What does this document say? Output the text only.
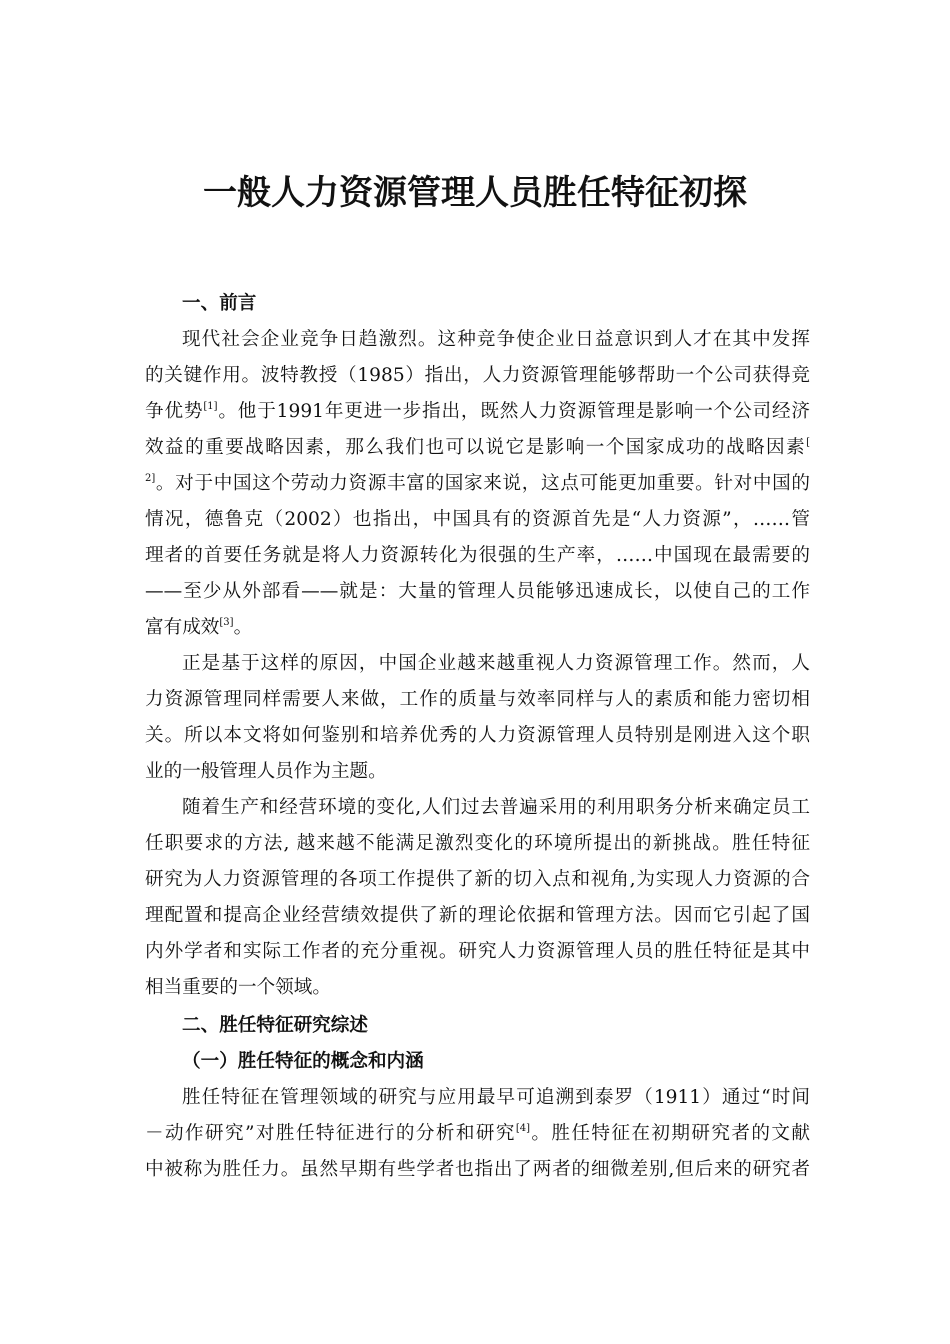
一般人力资源管理人员胜任特征初探

一、前言

现代社会企业竞争日趋激烈。这种竞争使企业日益意识到人才在其中发挥

的关键作用。波特教授（1985）指出，人力资源管理能够帮助一个公司获得竞

争优势[1]。他于1991年更进一步指出，既然人力资源管理是影响一个公司经济

效益的重要战略因素，那么我们也可以说它是影响一个国家成功的战略因素[

$^{2]}$。对于中国这个劳动力资源丰富的国家来说，这点可能更加重要。针对中国的

情况，德鲁克（2002）也指出，中国具有的资源首先是“人力资源”，……管

理者的首要任务就是将人力资源转化为很强的生产率，……中国现在最需要的

——至少从外部看——就是：大量的管理人员能够迅速成长，以使自己的工作

富有成效[3]。

正是基于这样的原因，中国企业越来越重视人力资源管理工作。然而，人

力资源管理同样需要人来做，工作的质量与效率同样与人的素质和能力密切相

关。所以本文将如何鉴别和培养优秀的人力资源管理人员特别是刚进入这个职

业的一般管理人员作为主题。

随着生产和经营环境的变化,人们过去普遍采用的利用职务分析来确定员工

任职要求的方法, 越来越不能满足激烈变化的环境所提出的新挑战。胜任特征

研究为人力资源管理的各项工作提供了新的切入点和视角,为实现人力资源的合

理配置和提高企业经营绩效提供了新的理论依据和管理方法。因而它引起了国

内外学者和实际工作者的充分重视。研究人力资源管理人员的胜任特征是其中

相当重要的一个领域。

二、胜任特征研究综述

（一）胜任特征的概念和内涵

胜任特征在管理领域的研究与应用最早可追溯到泰罗（1911）通过“时间

－动作研究”对胜任特征进行的分析和研究[4]。胜任特征在初期研究者的文献

中被称为胜任力。虽然早期有些学者也指出了两者的细微差别,但后来的研究者
